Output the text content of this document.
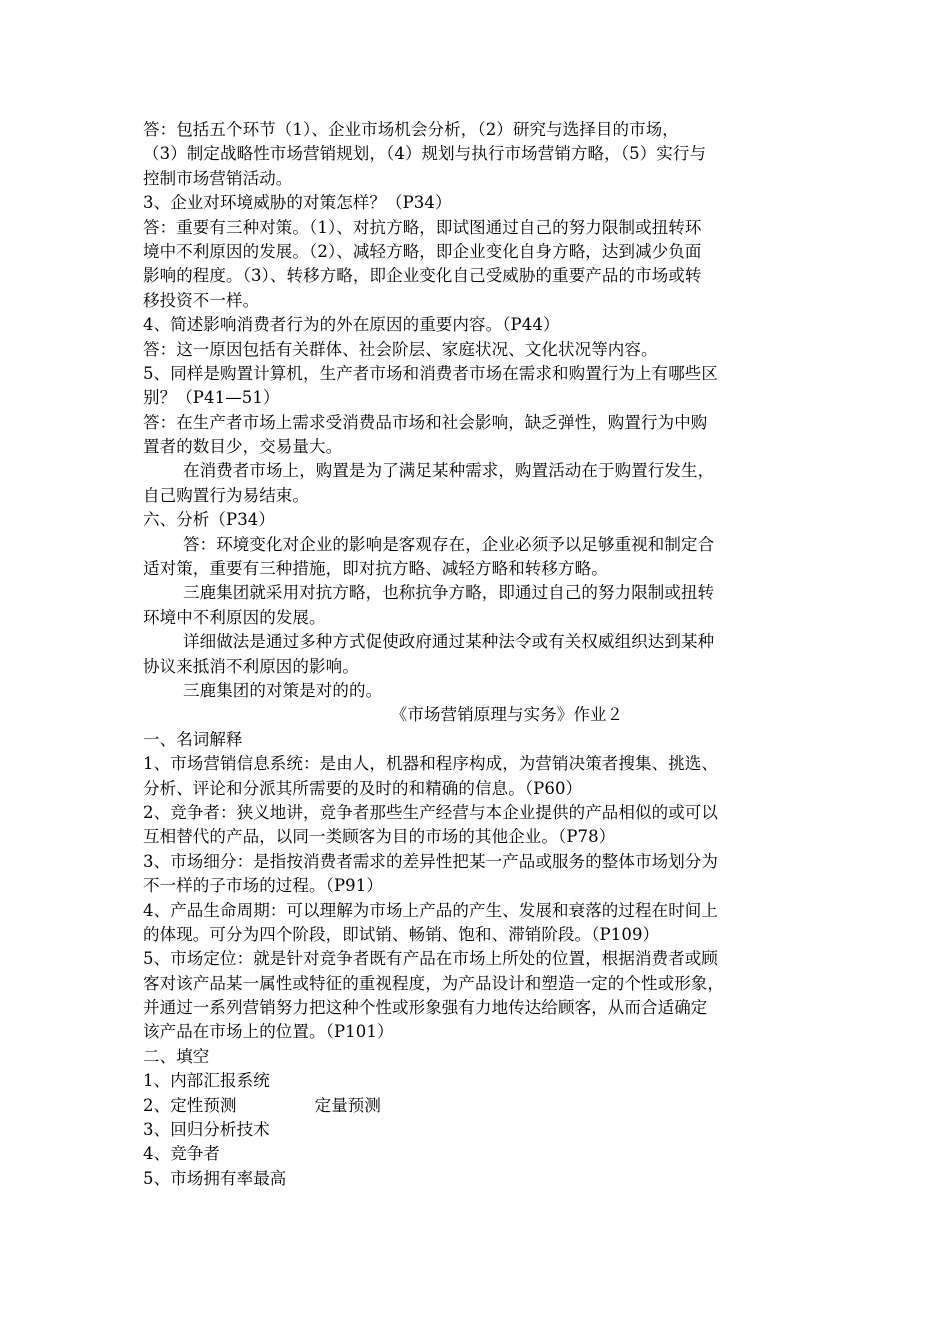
答：包括五个环节（1）、企业市场机会分析，（2）研究与选择目的市场，

（3）制定战略性市场营销规划，（4）规划与执行市场营销方略，（5）实行与

控制市场营销活动。

3、企业对环境威胁的对策怎样？（P34）

答：重要有三种对策。（1）、对抗方略，即试图通过自己的努力限制或扭转环

境中不利原因的发展。（2）、减轻方略，即企业变化自身方略，达到减少负面

影响的程度。（3）、转移方略，即企业变化自己受威胁的重要产品的市场或转

移投资不一样。

4、简述影响消费者行为的外在原因的重要内容。（P44）

答：这一原因包括有关群体、社会阶层、家庭状况、文化状况等内容。

5、同样是购置计算机，生产者市场和消费者市场在需求和购置行为上有哪些区

别？（P41—51）

答：在生产者市场上需求受消费品市场和社会影响，缺乏弹性，购置行为中购

置者的数目少，交易量大。

在消费者市场上，购置是为了满足某种需求，购置活动在于购置行发生，

自己购置行为易结束。

六、分析（P34）

答：环境变化对企业的影响是客观存在，企业必须予以足够重视和制定合

适对策，重要有三种措施，即对抗方略、减轻方略和转移方略。

三鹿集团就采用对抗方略，也称抗争方略，即通过自己的努力限制或扭转

环境中不利原因的发展。

详细做法是通过多种方式促使政府通过某种法令或有关权威组织达到某种

协议来抵消不利原因的影响。

三鹿集团的对策是对的的。

《市场营销原理与实务》作业２

一、名词解释

1、市场营销信息系统：是由人，机器和程序构成，为营销决策者搜集、挑选、

分析、评论和分派其所需要的及时的和精确的信息。（P60）

2、竞争者：狭义地讲，竞争者那些生产经营与本企业提供的产品相似的或可以

互相替代的产品，以同一类顾客为目的市场的其他企业。（P78）

3、市场细分：是指按消费者需求的差异性把某一产品或服务的整体市场划分为

不一样的子市场的过程。（P91）

4、产品生命周期：可以理解为市场上产品的产生、发展和衰落的过程在时间上

的体现。可分为四个阶段，即试销、畅销、饱和、滞销阶段。（P109）

5、市场定位：就是针对竞争者既有产品在市场上所处的位置，根据消费者或顾

客对该产品某一属性或特征的重视程度，为产品设计和塑造一定的个性或形象，

并通过一系列营销努力把这种个性或形象强有力地传达给顾客，从而合适确定

该产品在市场上的位置。（P101）

二、填空

1、内部汇报系统

2、定性预测	定量预测

3、回归分析技术

4、竞争者

5、市场拥有率最高
